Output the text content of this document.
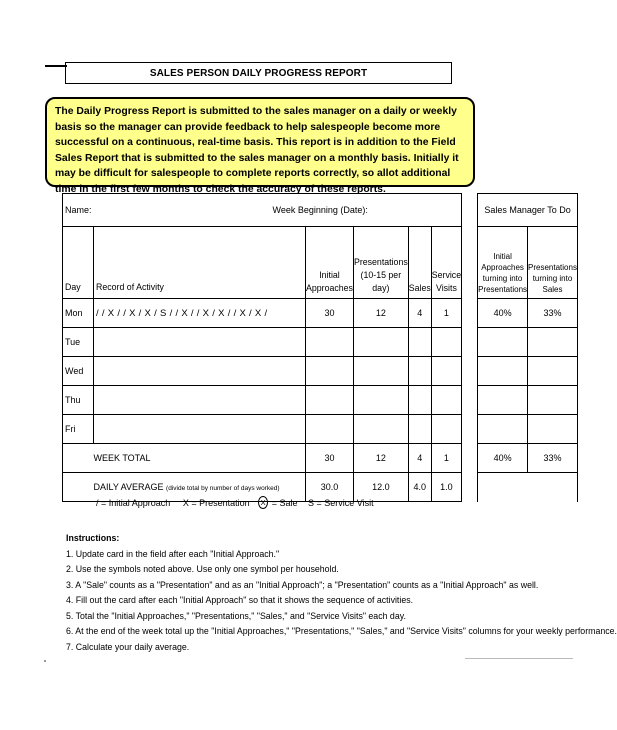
SALES PERSON DAILY PROGRESS REPORT
The Daily Progress Report is submitted to the sales manager on a daily or weekly basis so the manager can provide feedback to help salespeople become more successful on a continuous, real-time basis. This report is in addition to the Field Sales Report that is submitted to the sales manager on a monthly basis. Initially it may be difficult for salespeople to complete reports correctly, so allot additional time in the first few months to check the accuracy of these reports.
Name:		Week Beginning (Date):					Sales Manager To Do	
Day	Record of Activity	Initial Approaches	Presentations (10-15 per day)	Sales	Service Visits		Initial Approaches turning into Presentations	Presentations turning into Sales
Mon	/ / X / / X / X / S / / X / / X / X / / X / X /	30	12	4	1		40%	33%
Tue								
Wed								
Thu								
Fri								
	WEEK TOTAL	30	12	4	1		40%	33%
	DAILY AVERAGE (divide total by number of days worked)	30.0	12.0	4.0	1.0			
/ = Initial Approach X = Presentation X = Sale S = Service Visit
Instructions:
1. Update card in the field after each "Initial Approach."
2. Use the symbols noted above. Use only one symbol per household.
3. A "Sale" counts as a "Presentation" and as an "Initial Approach"; a "Presentation" counts as a "Initial Approach" as well.
4. Fill out the card after each "Initial Approach" so that it shows the sequence of activities.
5. Total the "Initial Approaches," "Presentations," "Sales," and "Service Visits" each day.
6. At the end of the week total up the "Initial Approaches," "Presentations," "Sales," and "Service Visits" columns for your weekly performance.
7. Calculate your daily average.
